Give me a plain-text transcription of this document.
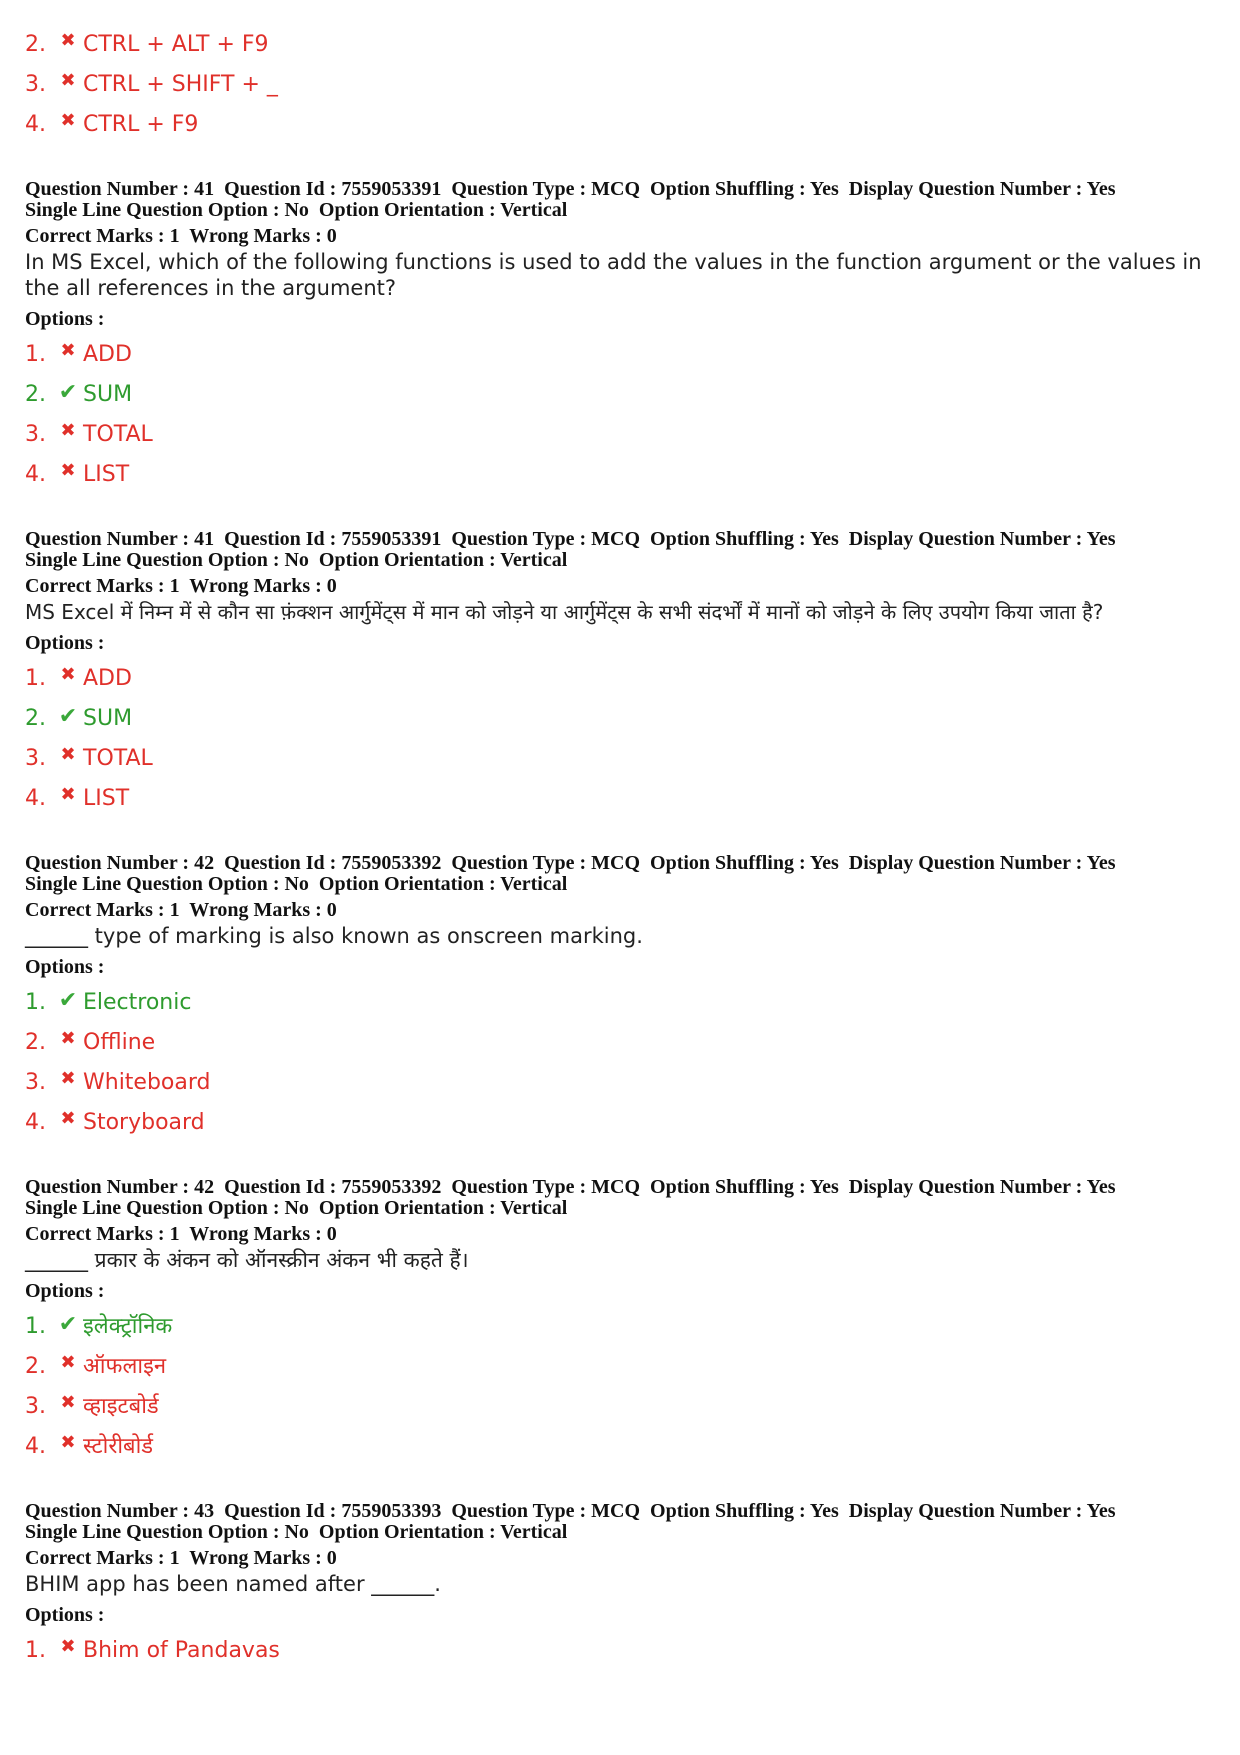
2. ✖ CTRL + ALT + F9
3. ✖ CTRL + SHIFT + _
4. ✖ CTRL + F9
Question Number : 41  Question Id : 7559053391  Question Type : MCQ  Option Shuffling : Yes  Display Question Number : Yes
Single Line Question Option : No  Option Orientation : Vertical
Correct Marks : 1  Wrong Marks : 0
In MS Excel, which of the following functions is used to add the values in the function argument or the values in the all references in the argument?
Options :
1. ✖ ADD
2. ✔ SUM
3. ✖ TOTAL
4. ✖ LIST
Question Number : 41  Question Id : 7559053391  Question Type : MCQ  Option Shuffling : Yes  Display Question Number : Yes
Single Line Question Option : No  Option Orientation : Vertical
Correct Marks : 1  Wrong Marks : 0
MS Excel में निम्न में से कौन सा फ़ंक्शन आर्गुमेंट्स में मान को जोड़ने या आर्गुमेंट्स के सभी संदर्भों में मानों को जोड़ने के लिए उपयोग किया जाता है?
Options :
1. ✖ ADD
2. ✔ SUM
3. ✖ TOTAL
4. ✖ LIST
Question Number : 42  Question Id : 7559053392  Question Type : MCQ  Option Shuffling : Yes  Display Question Number : Yes
Single Line Question Option : No  Option Orientation : Vertical
Correct Marks : 1  Wrong Marks : 0
______ type of marking is also known as onscreen marking.
Options :
1. ✔ Electronic
2. ✖ Offline
3. ✖ Whiteboard
4. ✖ Storyboard
Question Number : 42  Question Id : 7559053392  Question Type : MCQ  Option Shuffling : Yes  Display Question Number : Yes
Single Line Question Option : No  Option Orientation : Vertical
Correct Marks : 1  Wrong Marks : 0
______ प्रकार के अंकन को ऑनस्क्रीन अंकन भी कहते हैं।
Options :
1. ✔ इलेक्ट्रॉनिक
2. ✖ ऑफलाइन
3. ✖ व्हाइटबोर्ड
4. ✖ स्टोरीबोर्ड
Question Number : 43  Question Id : 7559053393  Question Type : MCQ  Option Shuffling : Yes  Display Question Number : Yes
Single Line Question Option : No  Option Orientation : Vertical
Correct Marks : 1  Wrong Marks : 0
BHIM app has been named after ______.
Options :
1. ✖ Bhim of Pandavas
